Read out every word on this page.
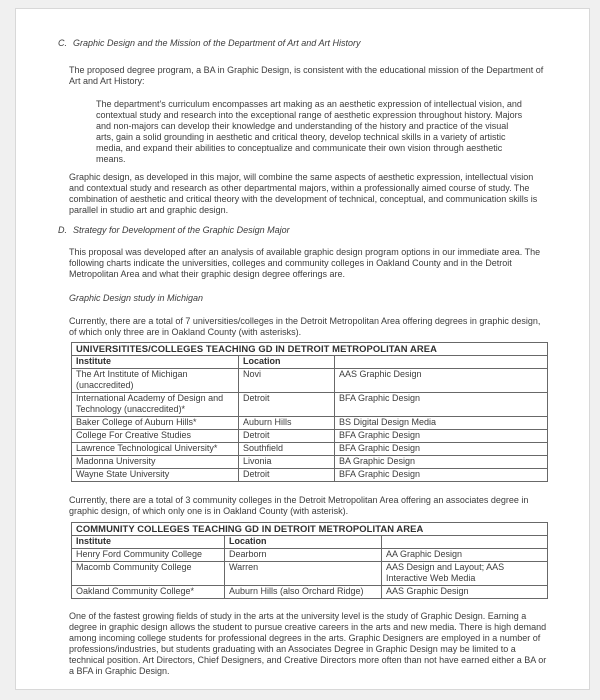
C. Graphic Design and the Mission of the Department of Art and Art History

The proposed degree program, a BA in Graphic Design, is consistent with the educational mission of the Department of Art and Art History:

The department's curriculum encompasses art making as an aesthetic expression of intellectual vision, and contextual study and research into the exceptional range of aesthetic expression throughout history. Majors and non-majors can develop their knowledge and understanding of the history and practice of the visual arts, gain a solid grounding in aesthetic and critical theory, develop technical skills in a variety of artistic media, and expand their abilities to conceptualize and communicate their own vision through aesthetic means.

Graphic design, as developed in this major, will combine the same aspects of aesthetic expression, intellectual vision and contextual study and research as other departmental majors, within a professionally aimed course of study. The combination of aesthetic and critical theory with the development of technical, conceptual, and communication skills is parallel in studio art and graphic design.

D. Strategy for Development of the Graphic Design Major

This proposal was developed after an analysis of available graphic design program options in our immediate area. The following charts indicate the universities, colleges and community colleges in Oakland County and in the Detroit Metropolitan Area and what their graphic design degree offerings are.

Graphic Design study in Michigan

Currently, there are a total of 7 universities/colleges in the Detroit Metropolitan Area offering degrees in graphic design, of which only three are in Oakland County (with asterisks).

UNIVERSITITES/COLLEGES TEACHING GD IN DETROIT METROPOLITAN AREA		
Institute	Location	
The Art Institute of Michigan (unaccredited)	Novi	AAS Graphic Design
International Academy of Design and Technology (unaccredited)*	Detroit	BFA Graphic Design
Baker College of Auburn Hills*	Auburn Hills	BS Digital Design Media
College For Creative Studies	Detroit	BFA Graphic Design
Lawrence Technological University*	Southfield	BFA Graphic Design
Madonna University	Livonia	BA Graphic Design
Wayne State University	Detroit	BFA Graphic Design

Currently, there are a total of 3 community colleges in the Detroit Metropolitan Area offering an associates degree in graphic design, of which only one is in Oakland County (with asterisk).

COMMUNITY COLLEGES TEACHING GD IN DETROIT METROPOLITAN AREA		
Institute	Location	
Henry Ford Community College	Dearborn	AA Graphic Design
Macomb Community College	Warren	AAS Design and Layout; AAS Interactive Web Media
Oakland Community College*	Auburn Hills (also Orchard Ridge)	AAS Graphic Design

One of the fastest growing fields of study in the arts at the university level is the study of Graphic Design. Earning a degree in graphic design allows the student to pursue creative careers in the arts and new media. There is high demand among incoming college students for professional degrees in the arts. Graphic Designers are employed in a number of professions/industries, but students graduating with an Associates Degree in Graphic Design may be limited to a technical position. Art Directors, Chief Designers, and Creative Directors more often than not have earned either a BA or a BFA in Graphic Design.
